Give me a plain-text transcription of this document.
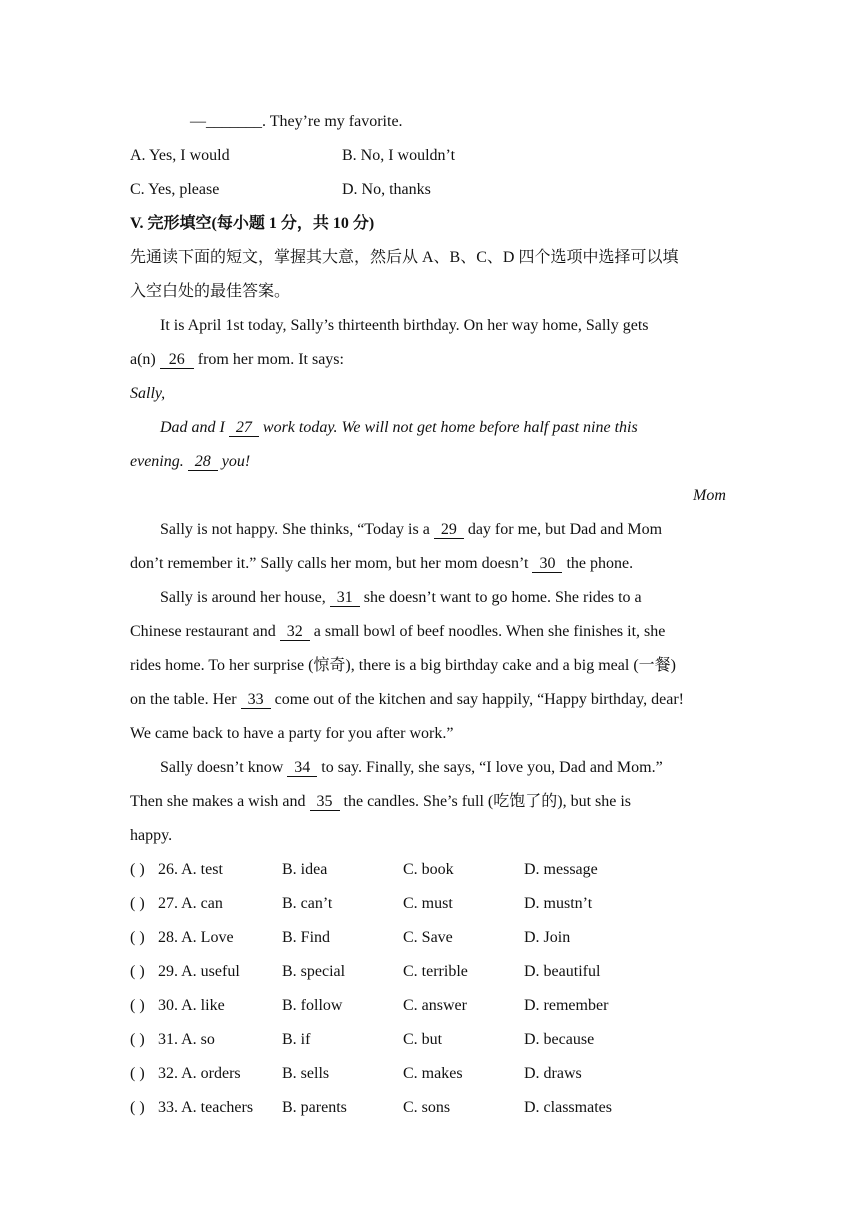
—_______. They’re my favorite.
A. Yes, I would	B. No, I wouldn’t
C. Yes, please	D. No, thanks
V. 完形填空(每小题 1 分，共 10 分)
先通读下面的短文，掌握其大意，然后从 A、B、C、D 四个选项中选择可以填
入空白处的最佳答案。
It is April 1st today, Sally’s thirteenth birthday. On her way home, Sally gets
a(n) 26 from her mom. It says:
Sally,
Dad and I 27 work today. We will not get home before half past nine this
evening. 28 you!
Mom
Sally is not happy. She thinks, “Today is a 29 day for me, but Dad and Mom
don’t remember it.” Sally calls her mom, but her mom doesn’t 30 the phone.
Sally is around her house, 31 she doesn’t want to go home. She rides to a
Chinese restaurant and 32 a small bowl of beef noodles. When she finishes it, she
rides home. To her surprise (惊奇), there is a big birthday cake and a big meal (一餐)
on the table. Her 33 come out of the kitchen and say happily, “Happy birthday, dear!
We came back to have a party for you after work.”
Sally doesn’t know 34 to say. Finally, she says, “I love you, Dad and Mom.”
Then she makes a wish and 35 the candles. She’s full (吃饱了的), but she is
happy.
( ) 26. A. test	B. idea	C. book	D. message
( ) 27. A. can	B. can’t	C. must	D. mustn’t
( ) 28. A. Love	B. Find	C. Save	D. Join
( ) 29. A. useful	B. special	C. terrible	D. beautiful
( ) 30. A. like	B. follow	C. answer	D. remember
( ) 31. A. so	B. if	C. but	D. because
( ) 32. A. orders	B. sells	C. makes	D. draws
( ) 33. A. teachers B. parents	C. sons	D. classmates
